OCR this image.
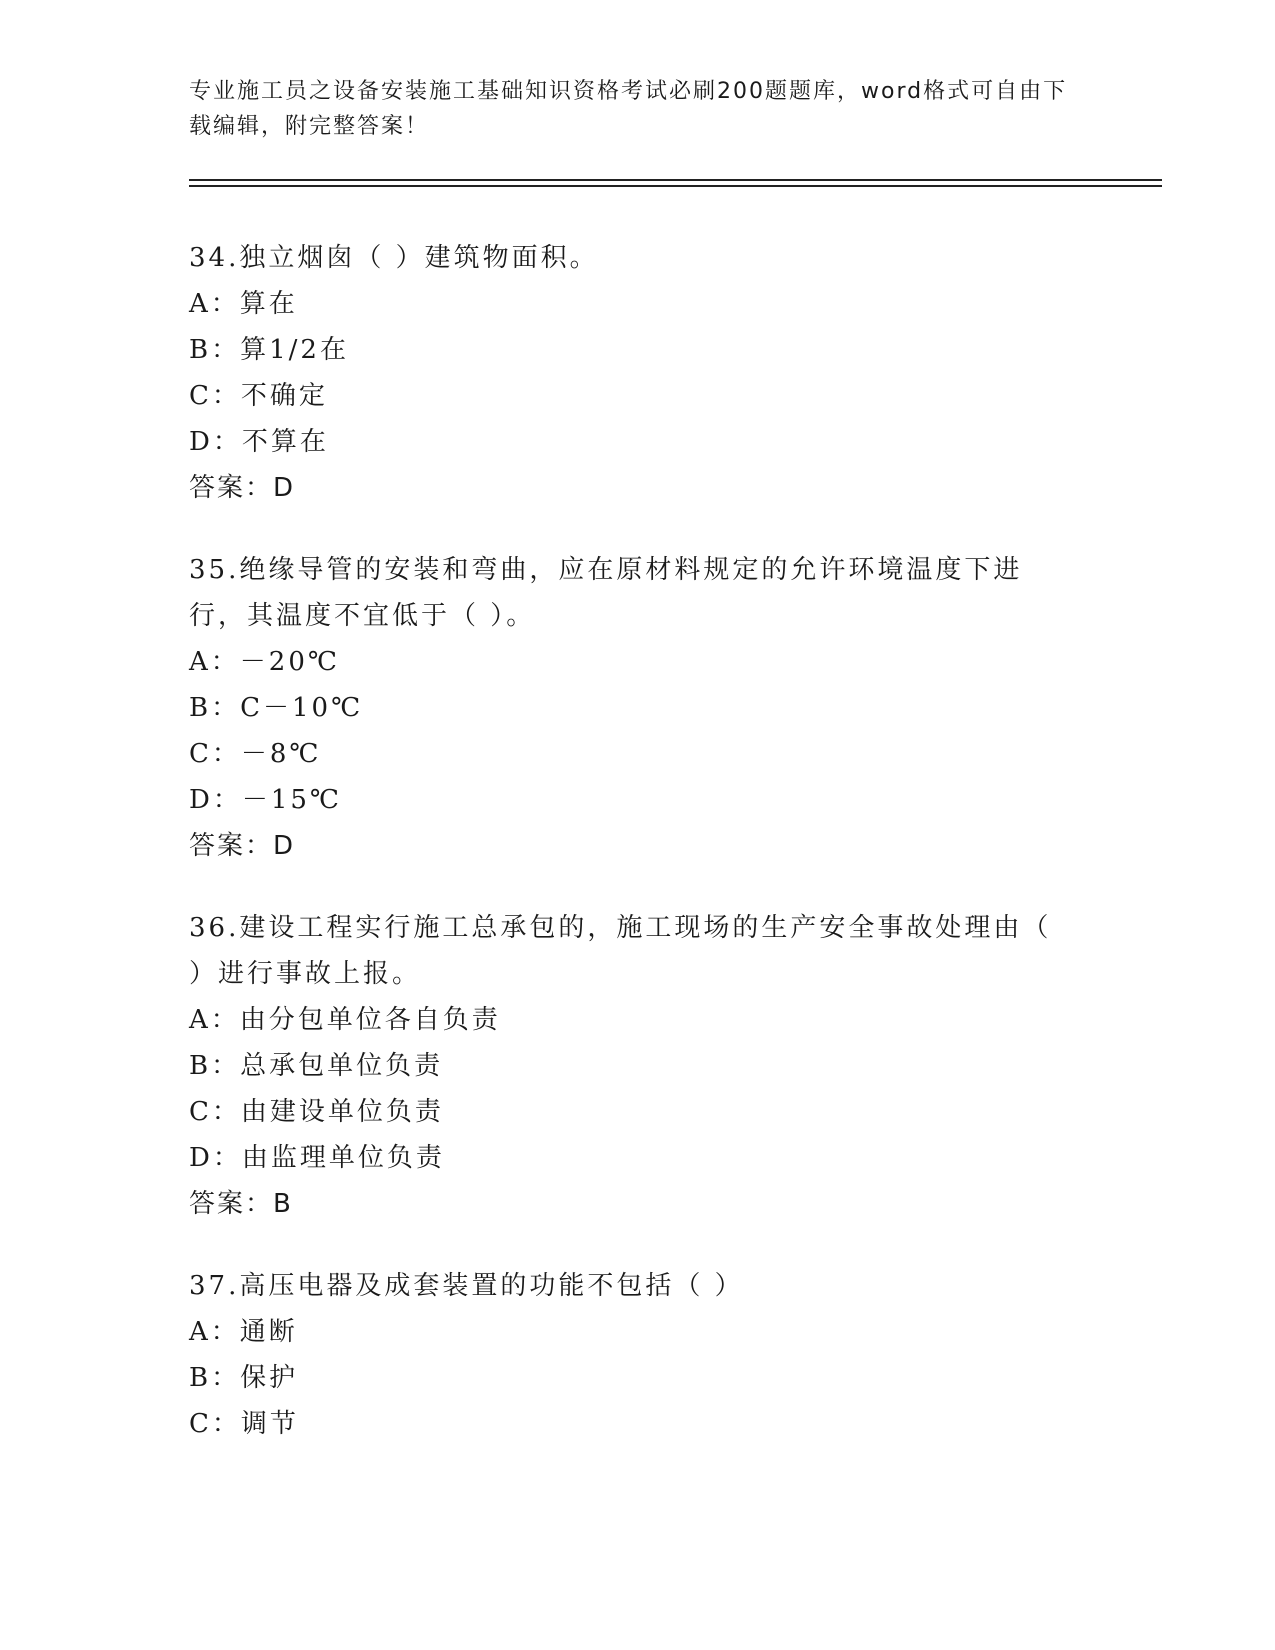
专业施工员之设备安装施工基础知识资格考试必刷200题题库，word格式可自由下载编辑，附完整答案！
34.独立烟囱（ ）建筑物面积。
A：算在
B：算1/2在
C：不确定
D：不算在
答案：D
35.绝缘导管的安装和弯曲，应在原材料规定的允许环境温度下进行，其温度不宜低于（ ）。
A：－20℃
B：C－10℃
C：－8℃
D：－15℃
答案：D
36.建设工程实行施工总承包的，施工现场的生产安全事故处理由（ ）进行事故上报。
A：由分包单位各自负责
B：总承包单位负责
C：由建设单位负责
D：由监理单位负责
答案：B
37.高压电器及成套装置的功能不包括（ ）
A：通断
B：保护
C：调节
